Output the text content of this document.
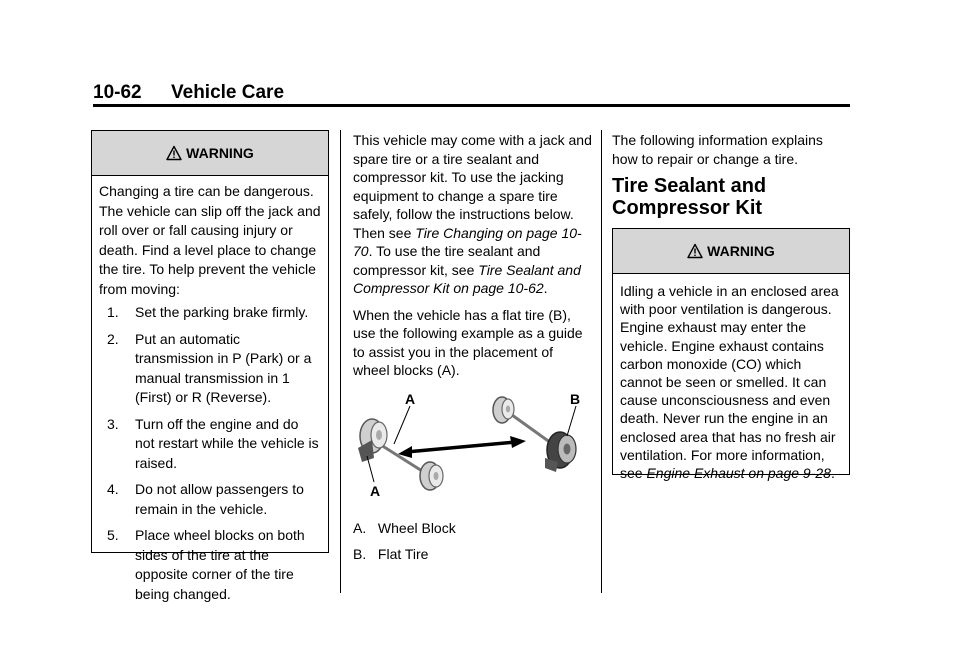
10-62 Vehicle Care
WARNING
Changing a tire can be dangerous. The vehicle can slip off the jack and roll over or fall causing injury or death. Find a level place to change the tire. To help prevent the vehicle from moving:
1. Set the parking brake firmly.
2. Put an automatic transmission in P (Park) or a manual transmission in 1 (First) or R (Reverse).
3. Turn off the engine and do not restart while the vehicle is raised.
4. Do not allow passengers to remain in the vehicle.
5. Place wheel blocks on both sides of the tire at the opposite corner of the tire being changed.

This vehicle may come with a jack and spare tire or a tire sealant and compressor kit. To use the jacking equipment to change a spare tire safely, follow the instructions below. Then see Tire Changing on page 10-70. To use the tire sealant and compressor kit, see Tire Sealant and Compressor Kit on page 10-62.

When the vehicle has a flat tire (B), use the following example as a guide to assist you in the placement of wheel blocks (A).

A
A
B
A. Wheel Block
B. Flat Tire
The following information explains how to repair or change a tire.
Tire Sealant and Compressor Kit
WARNING
Idling a vehicle in an enclosed area with poor ventilation is dangerous. Engine exhaust may enter the vehicle. Engine exhaust contains carbon monoxide (CO) which cannot be seen or smelled. It can cause unconsciousness and even death. Never run the engine in an enclosed area that has no fresh air ventilation. For more information, see Engine Exhaust on page 9-28.
